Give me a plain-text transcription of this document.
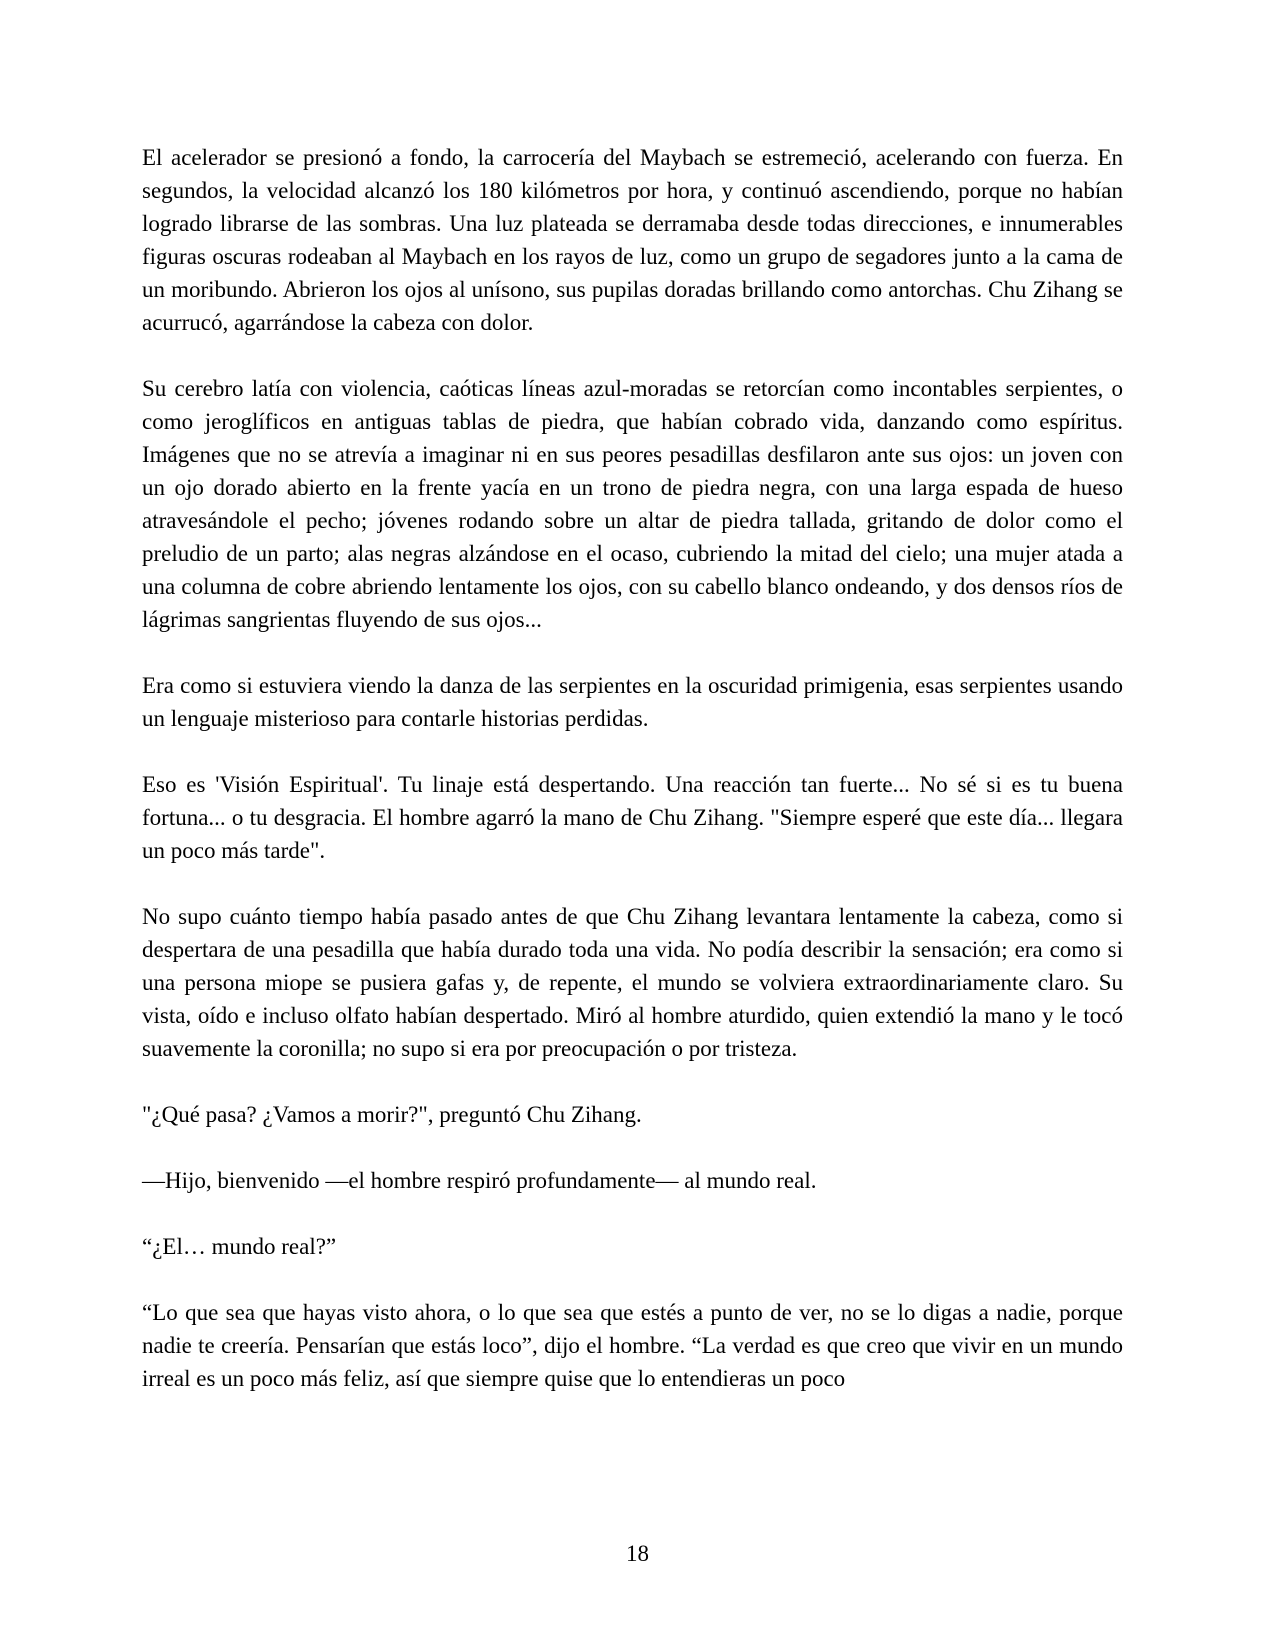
El acelerador se presionó a fondo, la carrocería del Maybach se estremeció, acelerando con fuerza. En segundos, la velocidad alcanzó los 180 kilómetros por hora, y continuó ascendiendo, porque no habían logrado librarse de las sombras. Una luz plateada se derramaba desde todas direcciones, e innumerables figuras oscuras rodeaban al Maybach en los rayos de luz, como un grupo de segadores junto a la cama de un moribundo. Abrieron los ojos al unísono, sus pupilas doradas brillando como antorchas. Chu Zihang se acurrucó, agarrándose la cabeza con dolor.

Su cerebro latía con violencia, caóticas líneas azul-moradas se retorcían como incontables serpientes, o como jeroglíficos en antiguas tablas de piedra, que habían cobrado vida, danzando como espíritus. Imágenes que no se atrevía a imaginar ni en sus peores pesadillas desfilaron ante sus ojos: un joven con un ojo dorado abierto en la frente yacía en un trono de piedra negra, con una larga espada de hueso atravesándole el pecho; jóvenes rodando sobre un altar de piedra tallada, gritando de dolor como el preludio de un parto; alas negras alzándose en el ocaso, cubriendo la mitad del cielo; una mujer atada a una columna de cobre abriendo lentamente los ojos, con su cabello blanco ondeando, y dos densos ríos de lágrimas sangrientas fluyendo de sus ojos...

Era como si estuviera viendo la danza de las serpientes en la oscuridad primigenia, esas serpientes usando un lenguaje misterioso para contarle historias perdidas.

Eso es 'Visión Espiritual'. Tu linaje está despertando. Una reacción tan fuerte... No sé si es tu buena fortuna... o tu desgracia. El hombre agarró la mano de Chu Zihang. "Siempre esperé que este día... llegara un poco más tarde".

No supo cuánto tiempo había pasado antes de que Chu Zihang levantara lentamente la cabeza, como si despertara de una pesadilla que había durado toda una vida. No podía describir la sensación; era como si una persona miope se pusiera gafas y, de repente, el mundo se volviera extraordinariamente claro. Su vista, oído e incluso olfato habían despertado. Miró al hombre aturdido, quien extendió la mano y le tocó suavemente la coronilla; no supo si era por preocupación o por tristeza.

"¿Qué pasa? ¿Vamos a morir?", preguntó Chu Zihang.

—Hijo, bienvenido —el hombre respiró profundamente— al mundo real.

“¿El… mundo real?”

“Lo que sea que hayas visto ahora, o lo que sea que estés a punto de ver, no se lo digas a nadie, porque nadie te creería. Pensarían que estás loco”, dijo el hombre. “La verdad es que creo que vivir en un mundo irreal es un poco más feliz, así que siempre quise que lo entendieras un poco

18
